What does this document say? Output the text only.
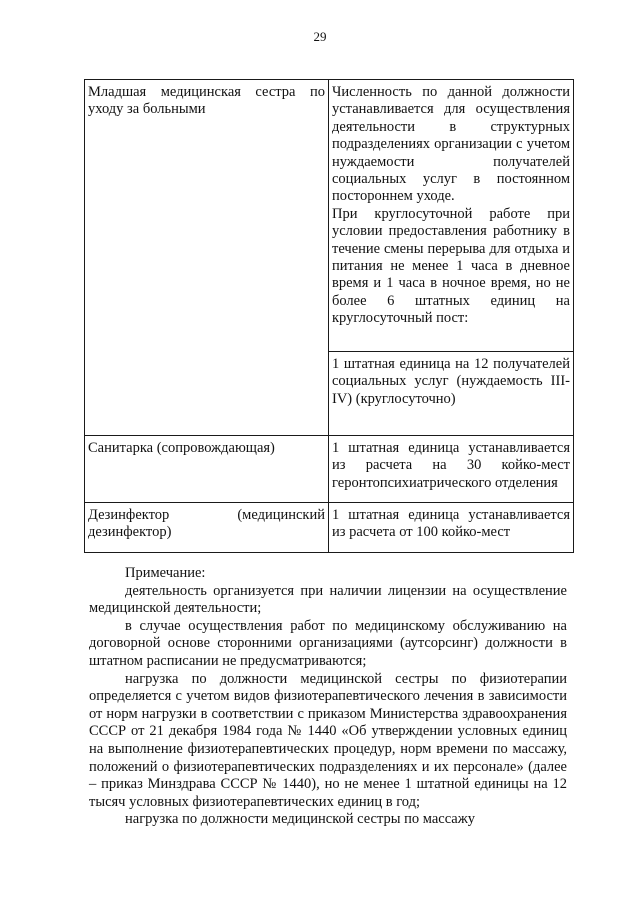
29
Младшая медицинская сестра по уходу за больными	Численность по данной должности устанавливается для осуществления деятельности в структурных подразделениях организации с учетом нуждаемости получателей социальных услуг в постоянном постороннем уходе.

При круглосуточной работе при условии предоставления работнику в течение смены перерыва для отдыха и питания не менее 1 часа в дневное время и 1 часа в ночное время, но не более 6 штатных единиц на круглосуточный пост:

	1 штатная единица на 12 получателей социальных услуг (нуждаемость III-IV) (круглосуточно)

Санитарка (сопровождающая)	1 штатная единица устанавливается из расчета на 30 койко-мест геронтопсихиатрического отделения

Дезинфектор (медицинский дезинфектор)	1 штатная единица устанавливается из расчета от 100 койко-мест

Примечание:

деятельность организуется при наличии лицензии на осуществление медицинской деятельности;

в случае осуществления работ по медицинскому обслуживанию на договорной основе сторонними организациями (аутсорсинг) должности в штатном расписании не предусматриваются;

нагрузка по должности медицинской сестры по физиотерапии определяется с учетом видов физиотерапевтического лечения в зависимости от норм нагрузки в соответствии с приказом Министерства здравоохранения СССР от 21 декабря 1984 года № 1440 «Об утверждении условных единиц на выполнение физиотерапевтических процедур, норм времени по массажу, положений о физиотерапевтических подразделениях и их персонале» (далее – приказ Минздрава СССР № 1440), но не менее 1 штатной единицы на 12 тысяч условных физиотерапевтических единиц в год;

нагрузка по должности медицинской сестры по массажу
